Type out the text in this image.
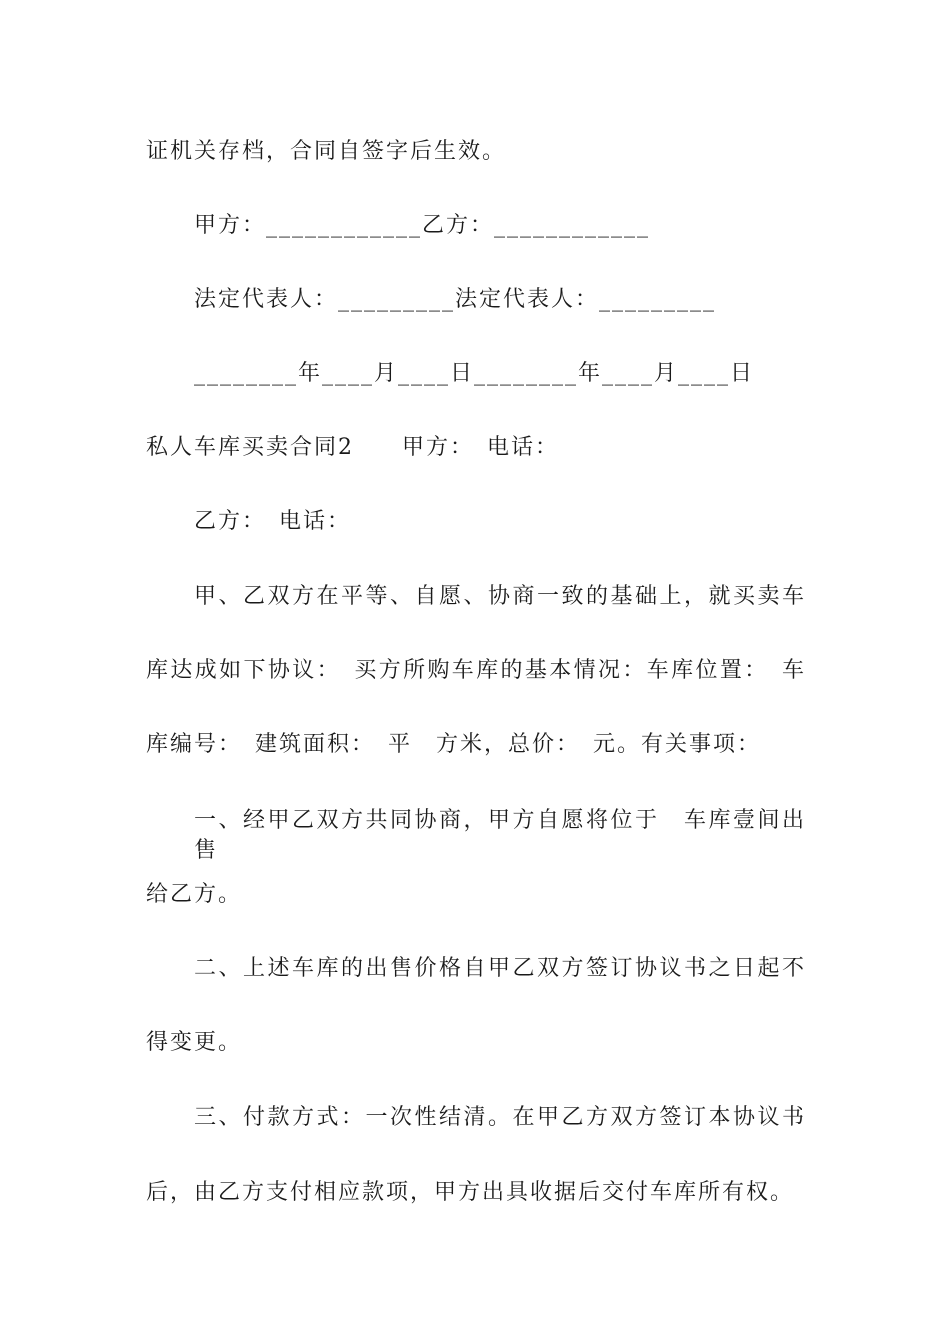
证机关存档，合同自签字后生效。
甲方：____________乙方：____________
法定代表人：_________法定代表人：_________
________年____月____日________年____月____日
私人车库买卖合同2　　甲方：　电话：
乙方：　电话：
甲、乙双方在平等、自愿、协商一致的基础上，就买卖车
库达成如下协议：　买方所购车库的基本情况：车库位置：　车
库编号：　建筑面积：　平　方米，总价：　元。有关事项：
一、经甲乙双方共同协商，甲方自愿将位于　车库壹间出售
给乙方。
二、上述车库的出售价格自甲乙双方签订协议书之日起不
得变更。
三、付款方式：一次性结清。在甲乙方双方签订本协议书
后，由乙方支付相应款项，甲方出具收据后交付车库所有权。
